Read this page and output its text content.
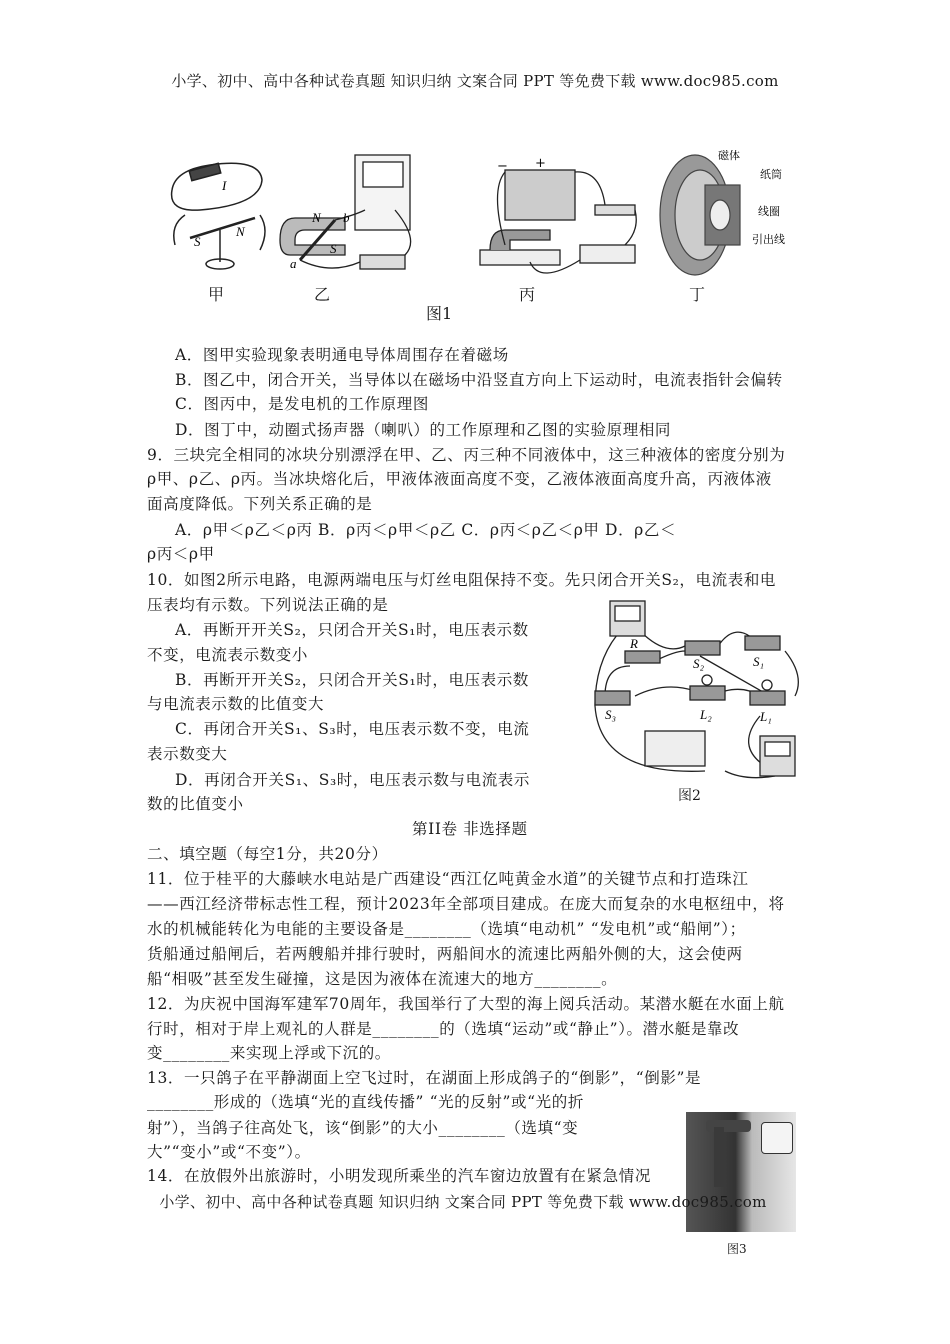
小学、初中、高中各种试卷真题 知识归纳 文案合同 PPT 等免费下载 www.doc985.com
I
S
N
N
S
a
b
+
−
磁体
纸筒
线圈
引出线
甲	乙	丙	丁
图1
A．图甲实验现象表明通电导体周围存在着磁场
B．图乙中，闭合开关，当导体以在磁场中沿竖直方向上下运动时，电流表指针会偏转
C．图丙中，是发电机的工作原理图
D．图丁中，动圈式扬声器（喇叭）的工作原理和乙图的实验原理相同
9．三块完全相同的冰块分别漂浮在甲、乙、丙三种不同液体中，这三种液体的密度分别为
ρ甲、ρ乙、ρ丙。当冰块熔化后，甲液体液面高度不变，乙液体液面高度升高，丙液体液
面高度降低。下列关系正确的是
A．ρ甲＜ρ乙＜ρ丙 B．ρ丙＜ρ甲＜ρ乙 C．ρ丙＜ρ乙＜ρ甲 D．ρ乙＜
ρ丙＜ρ甲
10．如图2所示电路，电源两端电压与灯丝电阻保持不变。先只闭合开关S₂，电流表和电
压表均有示数。下列说法正确的是
A．再断开开关S₂，只闭合开关S₁时，电压表示数
不变，电流表示数变小
B．再断开开关S₂，只闭合开关S₁时，电压表示数
与电流表示数的比值变大
C．再闭合开关S₁、S₃时，电压表示数不变，电流
表示数变大
D．再闭合开关S₁、S₃时，电压表示数与电流表示
数的比值变小
R
S₂	S₁
S₃	L₂	L₁
图2
第II卷 非选择题
二、填空题（每空1分，共20分）
11．位于桂平的大藤峡水电站是广西建设“西江亿吨黄金水道”的关键节点和打造珠江
——西江经济带标志性工程，预计2023年全部项目建成。在庞大而复杂的水电枢纽中，将
水的机械能转化为电能的主要设备是________（选填“电动机” “发电机”或“船闸”）；
货船通过船闸后，若两艘船并排行驶时，两船间水的流速比两船外侧的大，这会使两
船“相吸”甚至发生碰撞，这是因为液体在流速大的地方________。
12．为庆祝中国海军建军70周年，我国举行了大型的海上阅兵活动。某潜水艇在水面上航
行时，相对于岸上观礼的人群是________的（选填“运动”或“静止”）。潜水艇是靠改
变________来实现上浮或下沉的。
13．一只鸽子在平静湖面上空飞过时，在湖面上形成鸽子的“倒影”，“倒影”是
________形成的（选填“光的直线传播” “光的反射”或“光的折
射”），当鸽子往高处飞，该“倒影”的大小________（选填“变
大”“变小”或“不变”）。
14．在放假外出旅游时，小明发现所乘坐的汽车窗边放置有在紧急情况
图3
小学、初中、高中各种试卷真题 知识归纳 文案合同 PPT 等免费下载 www.doc985.com
